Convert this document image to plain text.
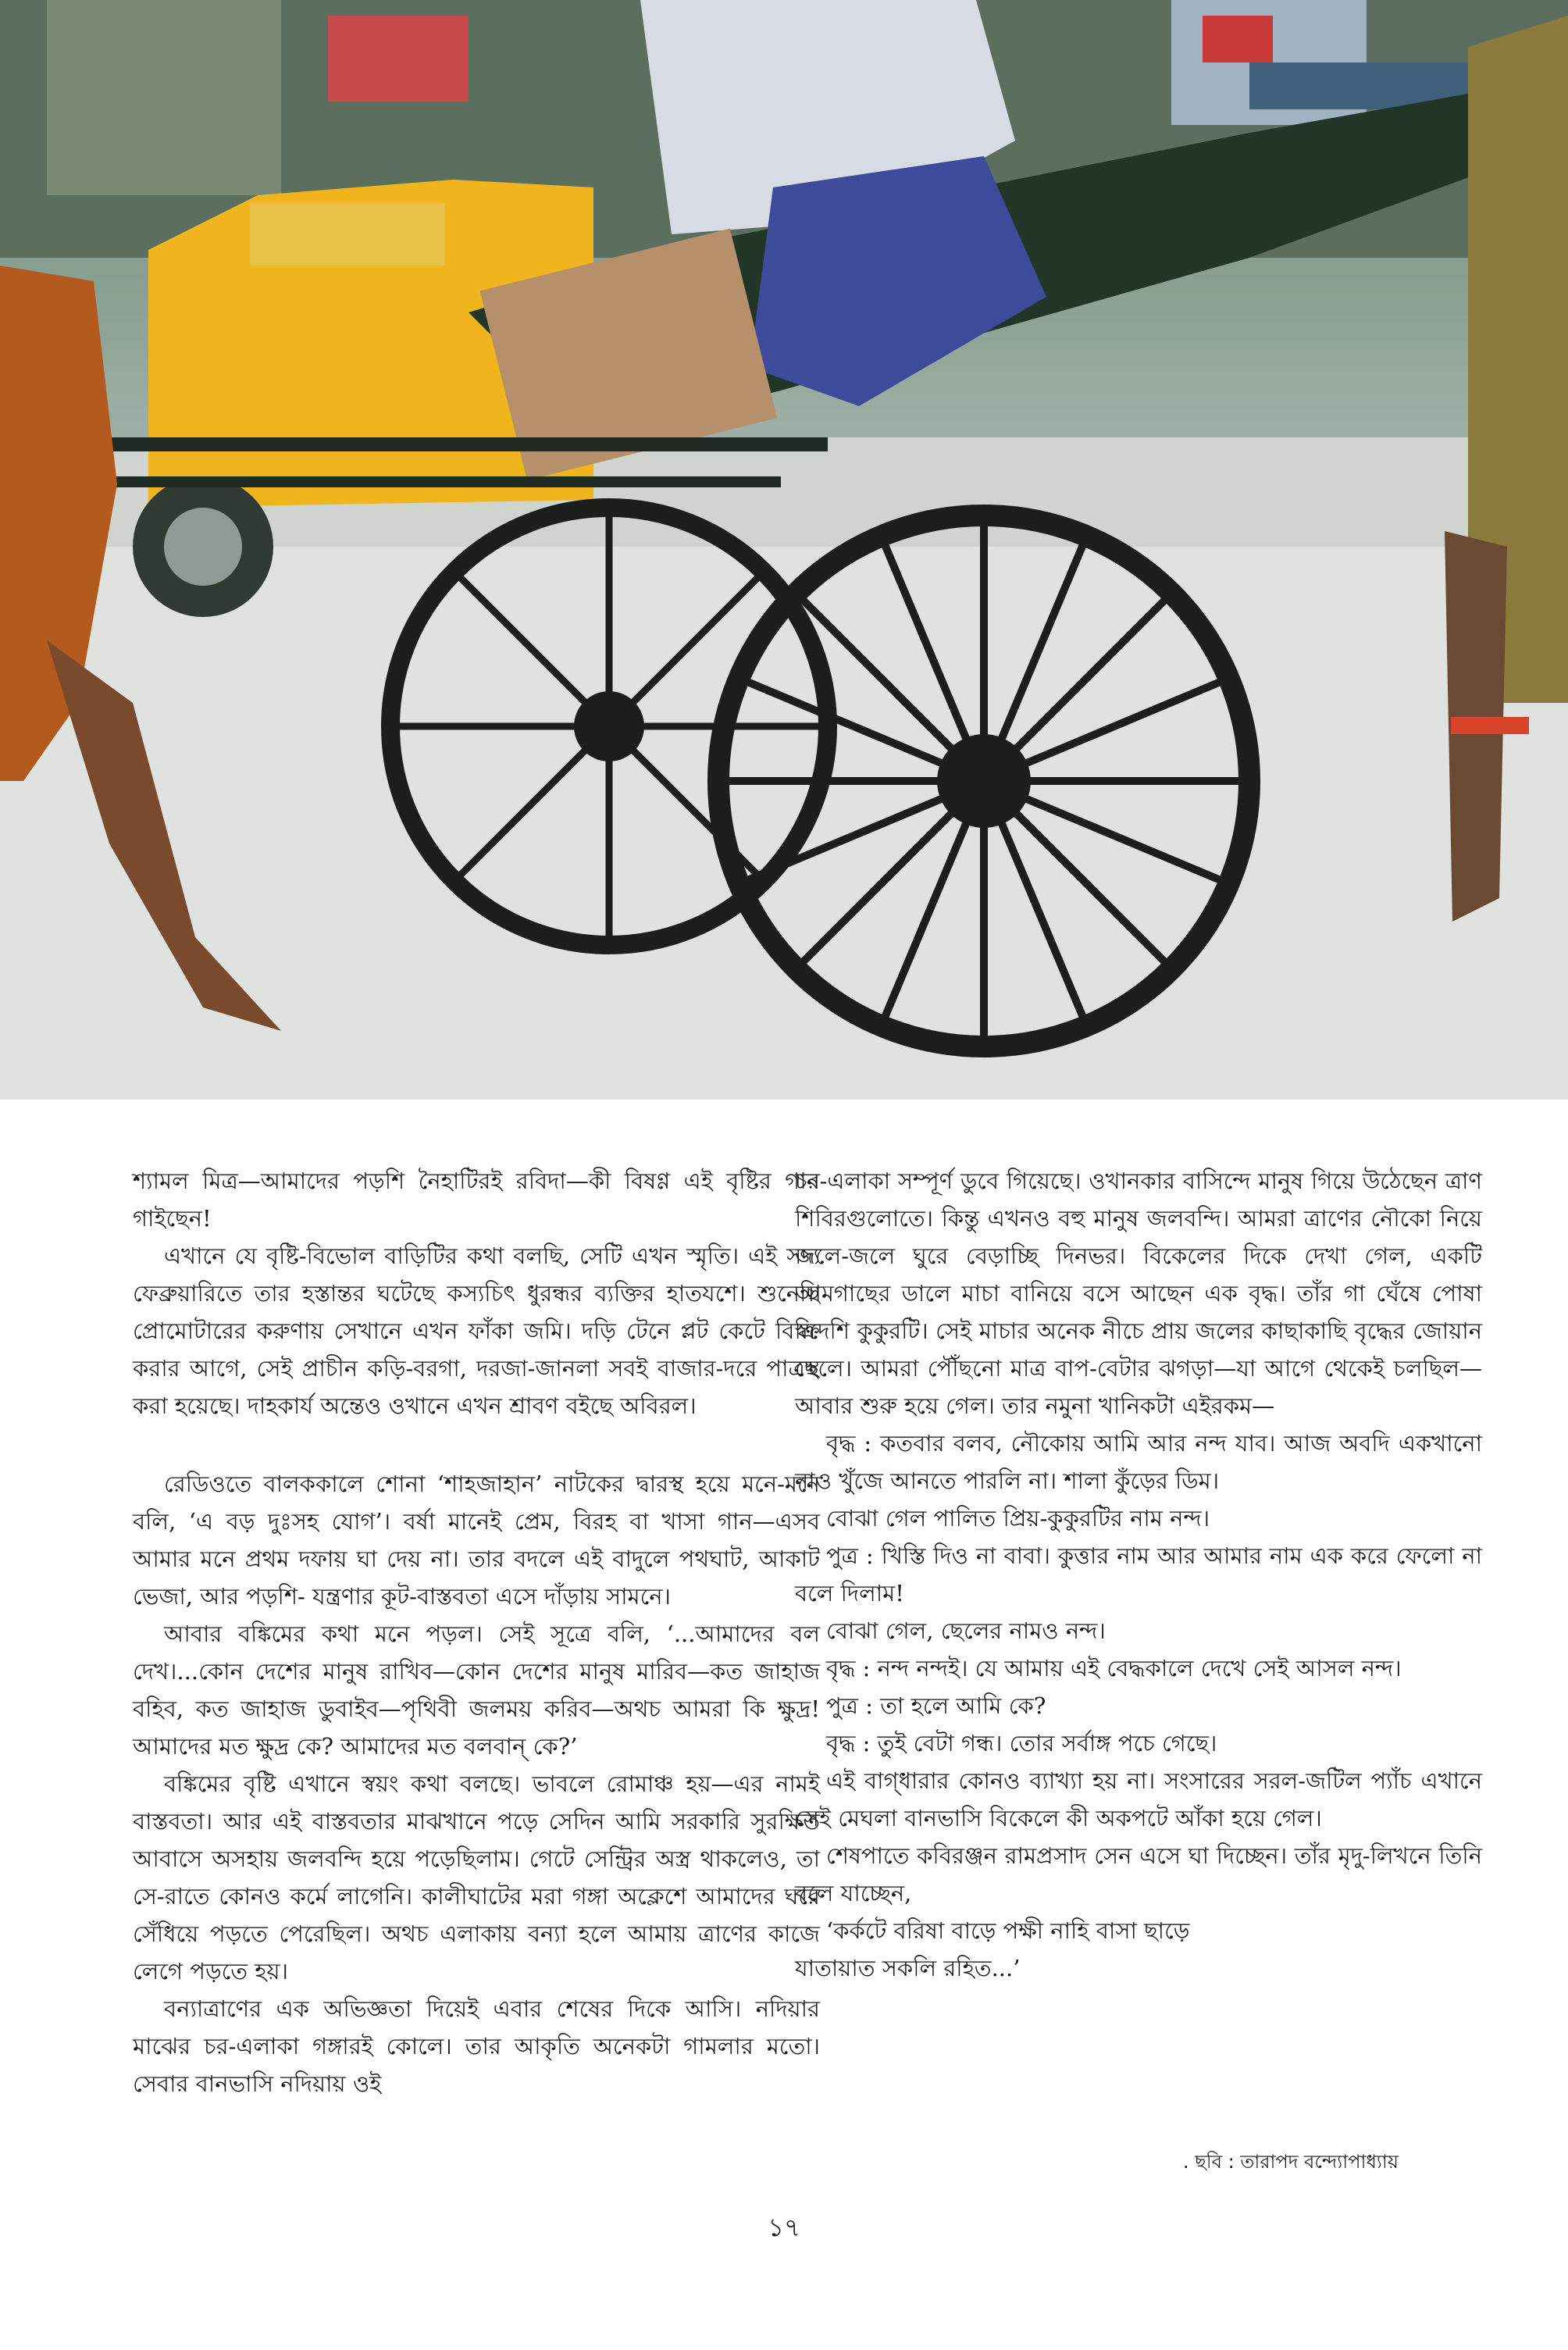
শ্যামল মিত্র—আমাদের পড়শি নৈহাটিরই রবিদা—কী বিষণ্ণ এই বৃষ্টির গান গাইছেন!

এখানে যে বৃষ্টি-বিভোল বাড়িটির কথা বলছি, সেটি এখন স্মৃতি। এই সদ্য ফেব্রুয়ারিতে তার হস্তান্তর ঘটেছে কস্যচিৎ ধুরন্ধর ব্যক্তির হাতযশে। শুনেছি প্রোমোটারের করুণায় সেখানে এখন ফাঁকা জমি। দড়ি টেনে প্লট কেটে বিক্রি করার আগে, সেই প্রাচীন কড়ি-বরগা, দরজা-জানলা সবই বাজার-দরে পাত্রস্থ করা হয়েছে। দাহকার্য অন্তেও ওখানে এখন শ্রাবণ বইছে অবিরল।

রেডিওতে বালককালে শোনা ‘শাহজাহান’ নাটকের দ্বারস্থ হয়ে মনে-মনে বলি, ‘এ বড় দুঃসহ যোগ’। বর্ষা মানেই প্রেম, বিরহ বা খাসা গান—এসব আমার মনে প্রথম দফায় ঘা দেয় না। তার বদলে এই বাদুলে পথঘাট, আকাট ভেজা, আর পড়শি- যন্ত্রণার কূট-বাস্তবতা এসে দাঁড়ায় সামনে।

আবার বঙ্কিমের কথা মনে পড়ল। সেই সূত্রে বলি, ‘...আমাদের বল দেখ।...কোন দেশের মানুষ রাখিব—কোন দেশের মানুষ মারিব—কত জাহাজ বহিব, কত জাহাজ ডুবাইব—পৃথিবী জলময় করিব—অথচ আমরা কি ক্ষুদ্র! আমাদের মত ক্ষুদ্র কে? আমাদের মত বলবান্ কে?’

বঙ্কিমের বৃষ্টি এখানে স্বয়ং কথা বলছে। ভাবলে রোমাঞ্চ হয়—এর নামই বাস্তবতা। আর এই বাস্তবতার মাঝখানে পড়ে সেদিন আমি সরকারি সুরক্ষিত আবাসে অসহায় জলবন্দি হয়ে পড়েছিলাম। গেটে সেন্ট্রির অস্ত্র থাকলেও, তা সে-রাতে কোনও কর্মে লাগেনি। কালীঘাটের মরা গঙ্গা অক্লেশে আমাদের ঘরে সেঁধিয়ে পড়তে পেরেছিল। অথচ এলাকায় বন্যা হলে আমায় ত্রাণের কাজে লেগে পড়তে হয়।

বন্যাত্রাণের এক অভিজ্ঞতা দিয়েই এবার শেষের দিকে আসি। নদিয়ার মাঝের চর-এলাকা গঙ্গারই কোলে। তার আকৃতি অনেকটা গামলার মতো। সেবার বানভাসি নদিয়ায় ওই

চর-এলাকা সম্পূর্ণ ডুবে গিয়েছে। ওখানকার বাসিন্দে মানুষ গিয়ে উঠেছেন ত্রাণ শিবিরগুলোতে। কিন্তু এখনও বহু মানুষ জলবন্দি। আমরা ত্রাণের নৌকো নিয়ে জলে-জলে ঘুরে বেড়াচ্ছি দিনভর। বিকেলের দিকে দেখা গেল, একটি আমগাছের ডালে মাচা বানিয়ে বসে আছেন এক বৃদ্ধ। তাঁর গা ঘেঁষে পোষা স্বদেশি কুকুরটি। সেই মাচার অনেক নীচে প্রায় জলের কাছাকাছি বৃদ্ধের জোয়ান ছেলে। আমরা পৌঁছনো মাত্র বাপ-বেটার ঝগড়া—যা আগে থেকেই চলছিল—আবার শুরু হয়ে গেল। তার নমুনা খানিকটা এইরকম—

বৃদ্ধ : কতবার বলব, নৌকোয় আমি আর নন্দ যাব। আজ অবদি একখানো নাও খুঁজে আনতে পারলি না। শালা কুঁড়ের ডিম।

বোঝা গেল পালিত প্রিয়-কুকুরটির নাম নন্দ।

পুত্র : খিস্তি দিও না বাবা। কুত্তার নাম আর আমার নাম এক করে ফেলো না বলে দিলাম!

বোঝা গেল, ছেলের নামও নন্দ।

বৃদ্ধ : নন্দ নন্দই। যে আমায় এই বেদ্ধকালে দেখে সেই আসল নন্দ।

পুত্র : তা হলে আমি কে?

বৃদ্ধ : তুই বেটা গন্ধ। তোর সর্বাঙ্গ পচে গেছে।

এই বাগ্‌ধারার কোনও ব্যাখ্যা হয় না। সংসারের সরল-জটিল প্যাঁচ এখানে সেই মেঘলা বানভাসি বিকেলে কী অকপটে আঁকা হয়ে গেল।

শেষপাতে কবিরঞ্জন রামপ্রসাদ সেন এসে ঘা দিচ্ছেন। তাঁর মৃদু-লিখনে তিনি বলে যাচ্ছেন,

‘কর্কটে বরিষা বাড়ে পক্ষী নাহি বাসা ছাড়ে

যাতায়াত সকলি রহিত...’

. ছবি : তারাপদ বন্দ্যোপাধ্যায়
১৭
